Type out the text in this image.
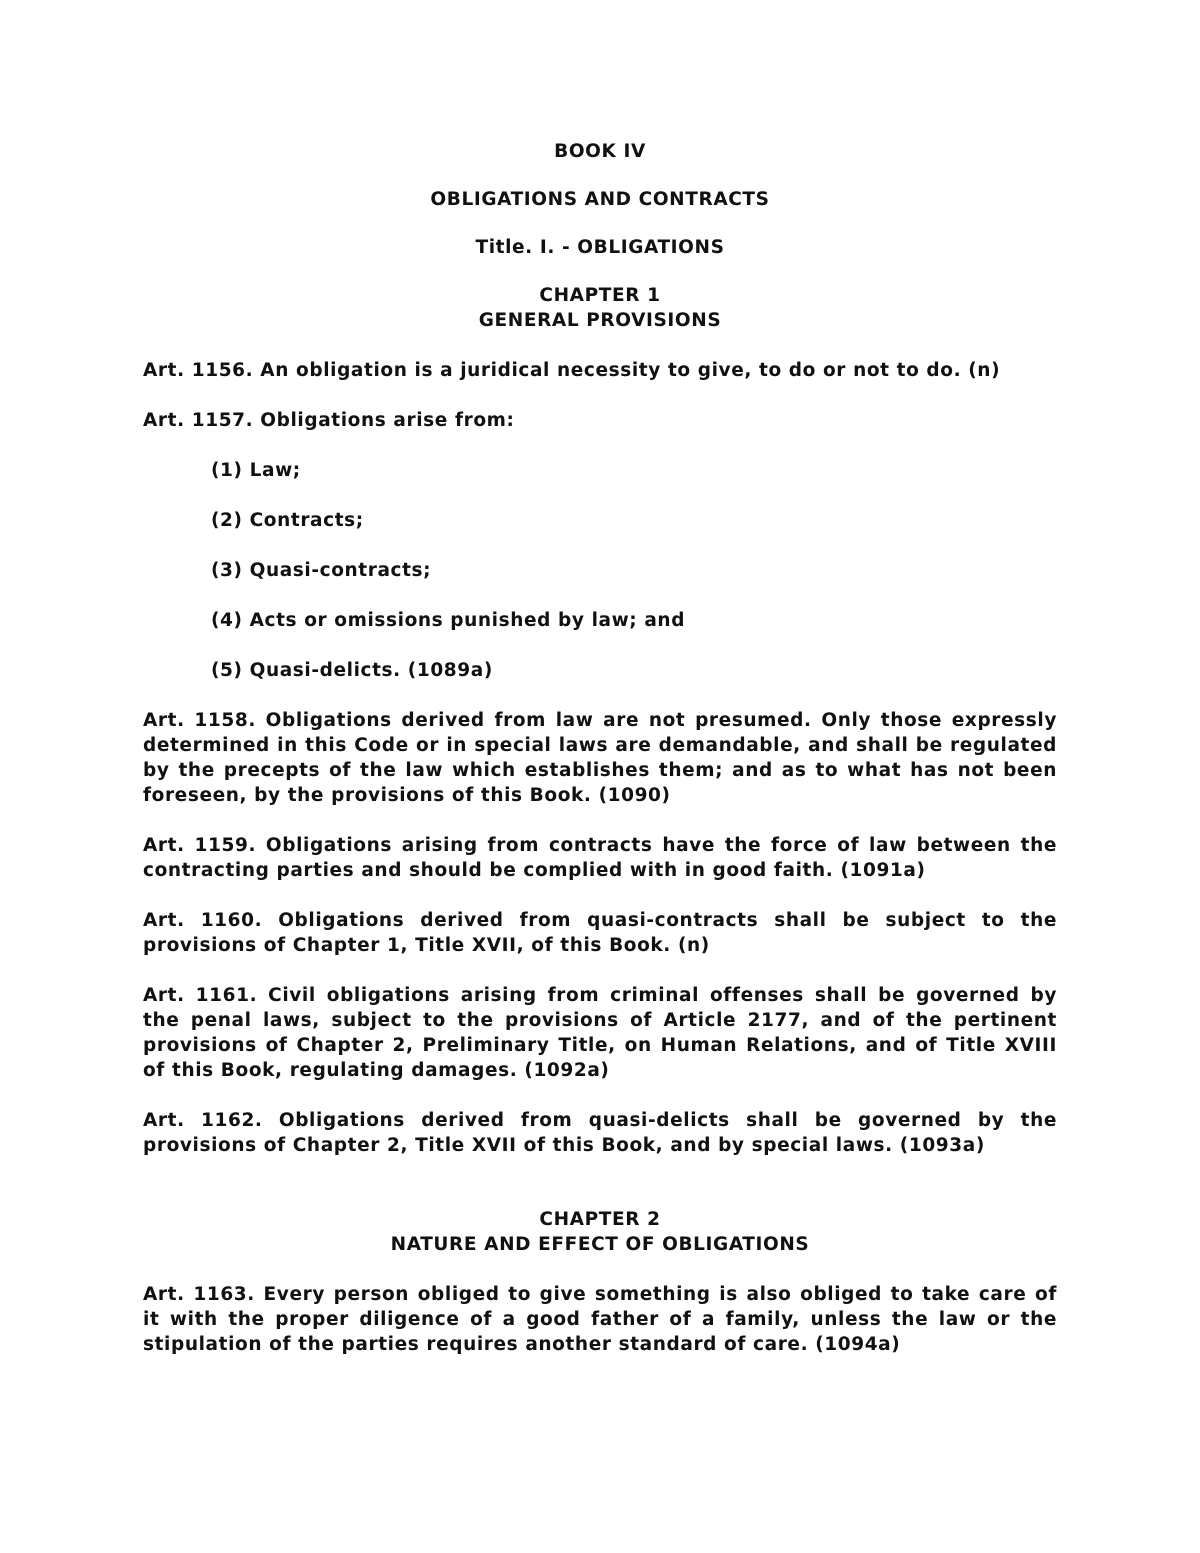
BOOK IV

OBLIGATIONS AND CONTRACTS

Title. I. - OBLIGATIONS

CHAPTER 1

GENERAL PROVISIONS

Art. 1156. An obligation is a juridical necessity to give, to do or not to do. (n)

Art. 1157. Obligations arise from:

(1) Law;

(2) Contracts;

(3) Quasi-contracts;

(4) Acts or omissions punished by law; and

(5) Quasi-delicts. (1089a)

Art. 1158. Obligations derived from law are not presumed. Only those expressly determined in this Code or in special laws are demandable, and shall be regulated by the precepts of the law which establishes them; and as to what has not been foreseen, by the provisions of this Book. (1090)

Art. 1159. Obligations arising from contracts have the force of law between the contracting parties and should be complied with in good faith. (1091a)

Art. 1160. Obligations derived from quasi-contracts shall be subject to the provisions of Chapter 1, Title XVII, of this Book. (n)

Art. 1161. Civil obligations arising from criminal offenses shall be governed by the penal laws, subject to the provisions of Article 2177, and of the pertinent provisions of Chapter 2, Preliminary Title, on Human Relations, and of Title XVIII of this Book, regulating damages. (1092a)

Art. 1162. Obligations derived from quasi-delicts shall be governed by the provisions of Chapter 2, Title XVII of this Book, and by special laws. (1093a)

CHAPTER 2

NATURE AND EFFECT OF OBLIGATIONS

Art. 1163. Every person obliged to give something is also obliged to take care of it with the proper diligence of a good father of a family, unless the law or the stipulation of the parties requires another standard of care. (1094a)
